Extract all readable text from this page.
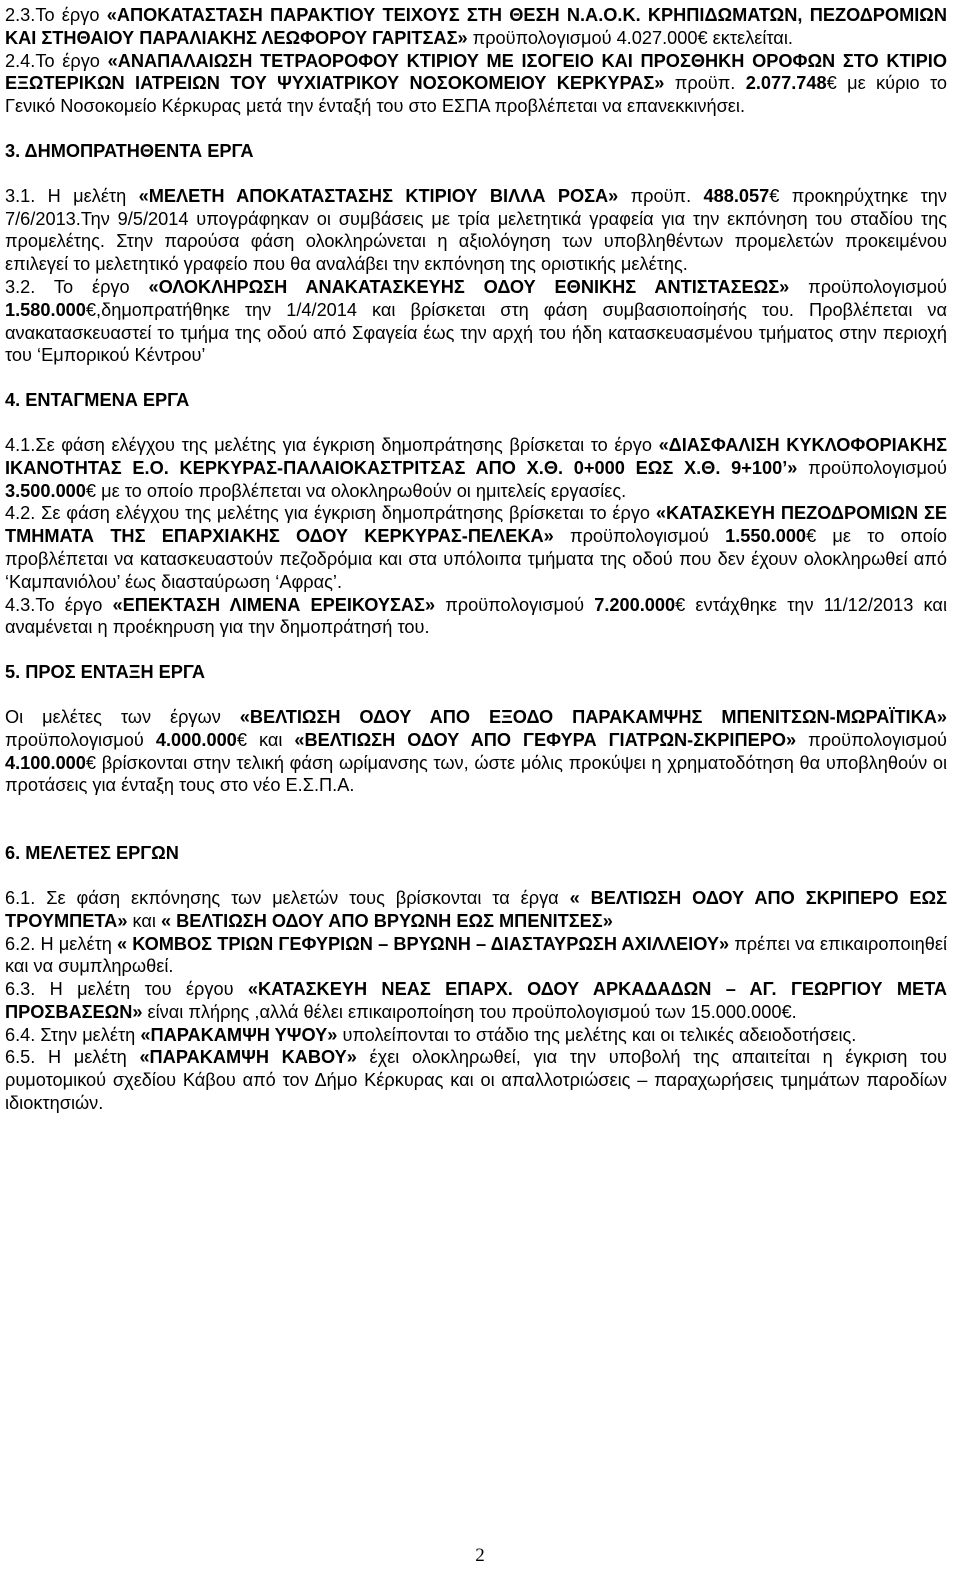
2.3.Το έργο «ΑΠΟΚΑΤΑΣΤΑΣΗ ΠΑΡΑΚΤΙΟΥ ΤΕΙΧΟΥΣ ΣΤΗ ΘΕΣΗ Ν.Α.Ο.Κ. ΚΡΗΠΙΔΩΜΑΤΩΝ, ΠΕΖΟΔΡΟΜΙΩΝ ΚΑΙ ΣΤΗΘΑΙΟΥ ΠΑΡΑΛΙΑΚΗΣ ΛΕΩΦΟΡΟΥ ΓΑΡΙΤΣΑΣ» προϋπολογισμού 4.027.000€ εκτελείται.

2.4.Το έργο «ΑΝΑΠΑΛΑΙΩΣΗ ΤΕΤΡΑΟΡΟΦΟΥ ΚΤΙΡΙΟΥ ΜΕ ΙΣΟΓΕΙΟ ΚΑΙ ΠΡΟΣΘΗΚΗ ΟΡΟΦΩΝ ΣΤΟ ΚΤΙΡΙΟ ΕΞΩΤΕΡΙΚΩΝ ΙΑΤΡΕΙΩΝ ΤΟΥ ΨΥΧΙΑΤΡΙΚΟΥ ΝΟΣΟΚΟΜΕΙΟΥ ΚΕΡΚΥΡΑΣ» προϋπ. 2.077.748€ με κύριο το Γενικό Νοσοκομείο Κέρκυρας μετά την ένταξή του στο ΕΣΠΑ προβλέπεται να επανεκκινήσει.

3. ΔΗΜΟΠΡΑΤΗΘΕΝΤΑ ΕΡΓΑ

3.1. Η μελέτη «ΜΕΛΕΤΗ ΑΠΟΚΑΤΑΣΤΑΣΗΣ ΚΤΙΡΙΟΥ ΒΙΛΛΑ ΡΟΣΑ» προϋπ. 488.057€ προκηρύχτηκε την 7/6/2013.Την 9/5/2014 υπογράφηκαν οι συμβάσεις με τρία μελετητικά γραφεία για την εκπόνηση του σταδίου της προμελέτης. Στην παρούσα φάση ολοκληρώνεται η αξιολόγηση των υποβληθέντων προμελετών προκειμένου επιλεγεί το μελετητικό γραφείο που θα αναλάβει την εκπόνηση της οριστικής μελέτης.

3.2. Το έργο «ΟΛΟΚΛΗΡΩΣΗ ΑΝΑΚΑΤΑΣΚΕΥΗΣ ΟΔΟΥ ΕΘΝΙΚΗΣ ΑΝΤΙΣΤΑΣΕΩΣ» προϋπολογισμού 1.580.000€,δημοπρατήθηκε την 1/4/2014 και βρίσκεται στη φάση συμβασιοποίησής του. Προβλέπεται να ανακατασκευαστεί το τμήμα της οδού από Σφαγεία έως την αρχή του ήδη κατασκευασμένου τμήματος στην περιοχή του ‘Εμπορικού Κέντρου’

4. ΕΝΤΑΓΜΕΝΑ ΕΡΓΑ

4.1.Σε φάση ελέγχου της μελέτης για έγκριση δημοπράτησης βρίσκεται το έργο «ΔΙΑΣΦΑΛΙΣΗ ΚΥΚΛΟΦΟΡΙΑΚΗΣ ΙΚΑΝΟΤΗΤΑΣ Ε.Ο. ΚΕΡΚΥΡΑΣ-ΠΑΛΑΙΟΚΑΣΤΡΙΤΣΑΣ ΑΠΟ Χ.Θ. 0+000 ΕΩΣ Χ.Θ. 9+100’» προϋπολογισμού 3.500.000€ με το οποίο προβλέπεται να ολοκληρωθούν οι ημιτελείς εργασίες.

4.2. Σε φάση ελέγχου της μελέτης για έγκριση δημοπράτησης βρίσκεται το έργο «ΚΑΤΑΣΚΕΥΗ ΠΕΖΟΔΡΟΜΙΩΝ ΣΕ ΤΜΗΜΑΤΑ ΤΗΣ ΕΠΑΡΧΙΑΚΗΣ ΟΔΟΥ ΚΕΡΚΥΡΑΣ-ΠΕΛΕΚΑ» προϋπολογισμού 1.550.000€ με το οποίο προβλέπεται να κατασκευαστούν πεζοδρόμια και στα υπόλοιπα τμήματα της οδού που δεν έχουν ολοκληρωθεί από ‘Καμπανιόλου’ έως διασταύρωση ‘Αφρας’.

4.3.Το έργο «ΕΠΕΚΤΑΣΗ ΛΙΜΕΝΑ ΕΡΕΙΚΟΥΣΑΣ» προϋπολογισμού 7.200.000€ εντάχθηκε την 11/12/2013 και αναμένεται η προέκηρυση για την δημοπράτησή του.

5. ΠΡΟΣ ΕΝΤΑΞΗ ΕΡΓΑ

Οι μελέτες των έργων «ΒΕΛΤΙΩΣΗ ΟΔΟΥ ΑΠΟ ΕΞΟΔΟ ΠΑΡΑΚΑΜΨΗΣ ΜΠΕΝΙΤΣΩΝ-ΜΩΡΑΪΤΙΚΑ» προϋπολογισμού 4.000.000€ και «ΒΕΛΤΙΩΣΗ ΟΔΟΥ ΑΠΟ ΓΕΦΥΡΑ ΓΙΑΤΡΩΝ-ΣΚΡΙΠΕΡΟ» προϋπολογισμού 4.100.000€ βρίσκονται στην τελική φάση ωρίμανσης των, ώστε μόλις προκύψει η χρηματοδότηση θα υποβληθούν οι προτάσεις για ένταξη τους στο νέο Ε.Σ.Π.Α.

6. ΜΕΛΕΤΕΣ ΕΡΓΩΝ

6.1. Σε φάση εκπόνησης των μελετών τους βρίσκονται τα έργα « ΒΕΛΤΙΩΣΗ ΟΔΟΥ ΑΠΟ ΣΚΡΙΠΕΡΟ ΕΩΣ ΤΡΟΥΜΠΕΤΑ» και « ΒΕΛΤΙΩΣΗ ΟΔΟΥ ΑΠΟ ΒΡΥΩΝΗ ΕΩΣ ΜΠΕΝΙΤΣΕΣ»

6.2. Η μελέτη « ΚΟΜΒΟΣ ΤΡΙΩΝ ΓΕΦΥΡΙΩΝ – ΒΡΥΩΝΗ – ΔΙΑΣΤΑΥΡΩΣΗ ΑΧΙΛΛΕΙΟΥ» πρέπει να επικαιροποιηθεί και να συμπληρωθεί.

6.3. Η μελέτη του έργου «ΚΑΤΑΣΚΕΥΗ ΝΕΑΣ ΕΠΑΡΧ. ΟΔΟΥ ΑΡΚΑΔΑΔΩΝ – ΑΓ. ΓΕΩΡΓΙΟΥ ΜΕΤΑ ΠΡΟΣΒΑΣΕΩΝ» είναι πλήρης ,αλλά θέλει επικαιροποίηση του προϋπολογισμού των 15.000.000€.

6.4. Στην μελέτη «ΠΑΡΑΚΑΜΨΗ ΥΨΟΥ» υπολείπονται το στάδιο της μελέτης και οι τελικές αδειοδοτήσεις.

6.5. Η μελέτη «ΠΑΡΑΚΑΜΨΗ ΚΑΒΟΥ» έχει ολοκληρωθεί, για την υποβολή της απαιτείται η έγκριση του ρυμοτομικού σχεδίου Κάβου από τον Δήμο Κέρκυρας και οι απαλλοτριώσεις – παραχωρήσεις τμημάτων παροδίων ιδιοκτησιών.

2
